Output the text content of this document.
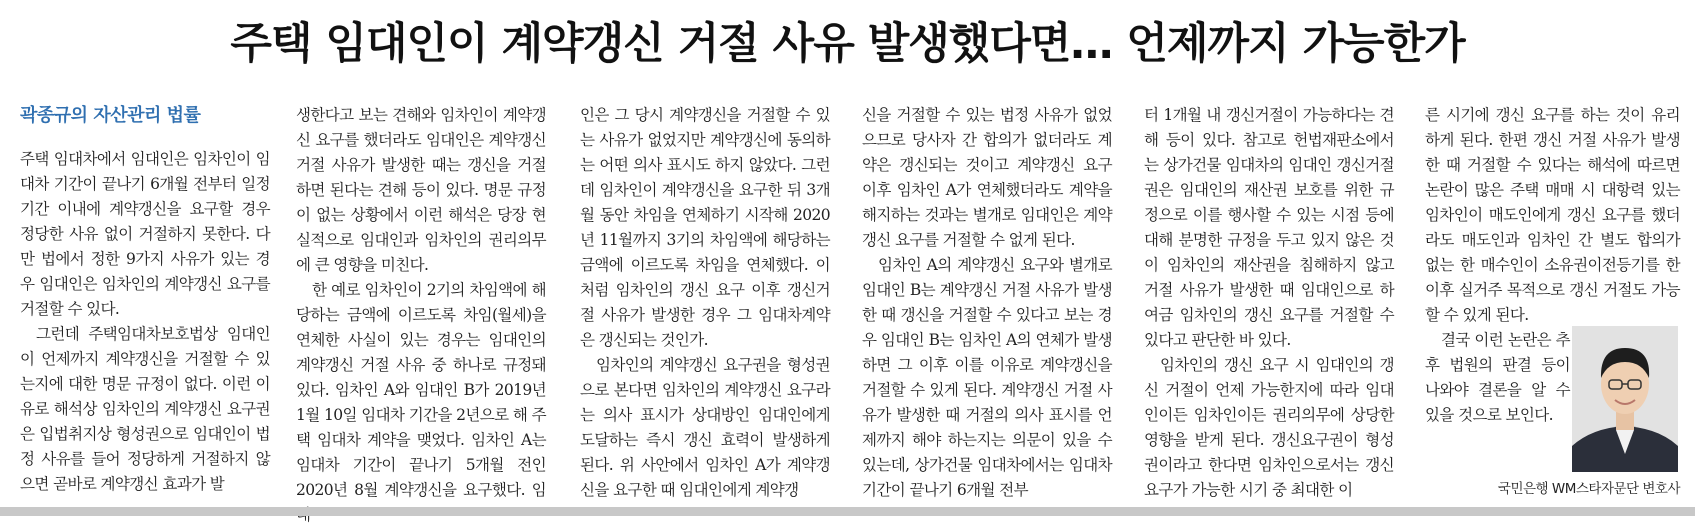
주택 임대인이 계약갱신 거절 사유 발생했다면… 언제까지 가능한가
곽종규의 자산관리 법률

주택 임대차에서 임대인은 임차인이 임대차 기간이 끝나기 6개월 전부터 일정 기간 이내에 계약갱신을 요구할 경우 정당한 사유 없이 거절하지 못한다. 다만 법에서 정한 9가지 사유가 있는 경우 임대인은 임차인의 계약갱신 요구를 거절할 수 있다.

그런데 주택임대차보호법상 임대인이 언제까지 계약갱신을 거절할 수 있는지에 대한 명문 규정이 없다. 이런 이유로 해석상 임차인의 계약갱신 요구권은 입법취지상 형성권으로 임대인이 법정 사유를 들어 정당하게 거절하지 않으면 곧바로 계약갱신 효과가 발

생한다고 보는 견해와 임차인이 계약갱신 요구를 했더라도 임대인은 계약갱신 거절 사유가 발생한 때는 갱신을 거절하면 된다는 견해 등이 있다. 명문 규정이 없는 상황에서 이런 해석은 당장 현실적으로 임대인과 임차인의 권리의무에 큰 영향을 미친다.

한 예로 임차인이 2기의 차임액에 해당하는 금액에 이르도록 차임(월세)을 연체한 사실이 있는 경우는 임대인의 계약갱신 거절 사유 중 하나로 규정돼 있다. 임차인 A와 임대인 B가 2019년 1월 10일 임대차 기간을 2년으로 해 주택 임대차 계약을 맺었다. 임차인 A는 임대차 기간이 끝나기 5개월 전인 2020년 8월 계약갱신을 요구했다. 임

인은 그 당시 계약갱신을 거절할 수 있는 사유가 없었지만 계약갱신에 동의하는 어떤 의사 표시도 하지 않았다. 그런데 임차인이 계약갱신을 요구한 뒤 3개월 동안 차임을 연체하기 시작해 2020년 11월까지 3기의 차임액에 해당하는 금액에 이르도록 차임을 연체했다. 이처럼 임차인의 갱신 요구 이후 갱신거절 사유가 발생한 경우 그 임대차계약은 갱신되는 것인가.

임차인의 계약갱신 요구권을 형성권으로 본다면 임차인의 계약갱신 요구라는 의사 표시가 상대방인 임대인에게 도달하는 즉시 갱신 효력이 발생하게 된다. 위 사안에서 임차인 A가 계약갱신을 요구한 때 임대인에게 계약갱

신을 거절할 수 있는 법정 사유가 없었으므로 당사자 간 합의가 없더라도 계약은 갱신되는 것이고 계약갱신 요구 이후 임차인 A가 연체했더라도 계약을 해지하는 것과는 별개로 임대인은 계약갱신 요구를 거절할 수 없게 된다.

임차인 A의 계약갱신 요구와 별개로 임대인 B는 계약갱신 거절 사유가 발생한 때 갱신을 거절할 수 있다고 보는 경우 임대인 B는 임차인 A의 연체가 발생하면 그 이후 이를 이유로 계약갱신을 거절할 수 있게 된다. 계약갱신 거절 사유가 발생한 때 거절의 의사 표시를 언제까지 해야 하는지는 의문이 있을 수 있는데, 상가건물 임대차에서는 임대차 기간이 끝나기 6개월 전부

터 1개월 내 갱신거절이 가능하다는 견해 등이 있다. 참고로 헌법재판소에서는 상가건물 임대차의 임대인 갱신거절권은 임대인의 재산권 보호를 위한 규정으로 이를 행사할 수 있는 시점 등에 대해 분명한 규정을 두고 있지 않은 것이 임차인의 재산권을 침해하지 않고 거절 사유가 발생한 때 임대인으로 하여금 임차인의 갱신 요구를 거절할 수 있다고 판단한 바 있다.

임차인의 갱신 요구 시 임대인의 갱신 거절이 언제 가능한지에 따라 임대인이든 임차인이든 권리의무에 상당한 영향을 받게 된다. 갱신요구권이 형성권이라고 한다면 임차인으로서는 갱신 요구가 가능한 시기 중 최대한 이

른 시기에 갱신 요구를 하는 것이 유리하게 된다. 한편 갱신 거절 사유가 발생한 때 거절할 수 있다는 해석에 따르면 논란이 많은 주택 매매 시 대항력 있는 임차인이 매도인에게 갱신 요구를 했더라도 매도인과 임차인 간 별도 합의가 없는 한 매수인이 소유권이전등기를 한 이후 실거주 목적으로 갱신 거절도 가능할 수 있게 된다.

결국 이런 논란은 추후 법원의 판결 등이 나와야 결론을 알 수 있을 것으로 보인다.

국민은행 WM스타자문단 변호사
